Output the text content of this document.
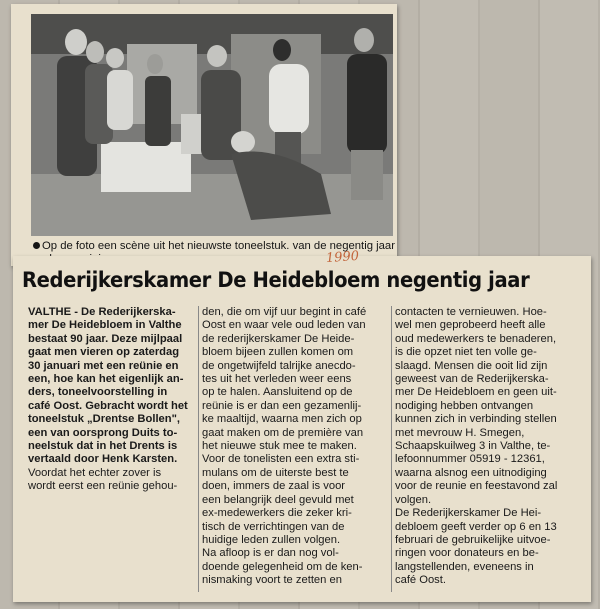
Op de foto een scène uit het nieuwste toneelstuk. van de negentig jaar
1990
Rederijkerskamer De Heidebloem negentig jaar
VALTHE - De Rederijkerska-
mer De Heidebloem in Valthe
bestaat 90 jaar. Deze mijlpaal
gaat men vieren op zaterdag
30 januari met een reünie en
een, hoe kan het eigenlijk an-
ders, toneelvoorstelling in
café Oost. Gebracht wordt het
toneelstuk „Drentse Bollen",
een van oorsprong Duits to-
neelstuk dat in het Drents is
vertaald door Henk Karsten.
Voordat het echter zover is
wordt eerst een reünie gehou-
den, die om vijf uur begint in café
Oost en waar vele oud leden van
de rederijkerskamer De Heide-
bloem bijeen zullen komen om
de ongetwijfeld talrijke anecdo-
tes uit het verleden weer eens
op te halen. Aansluitend op de
reünie is er dan een gezamenlij-
ke maaltijd, waarna men zich op
gaat maken om de première van
het nieuwe stuk mee te maken.
Voor de tonelisten een extra sti-
mulans om de uiterste best te
doen, immers de zaal is voor
een belangrijk deel gevuld met
ex-medewerkers die zeker kri-
tisch de verrichtingen van de
huidige leden zullen volgen.
Na afloop is er dan nog vol-
doende gelegenheid om de ken-
nismaking voort te zetten en
contacten te vernieuwen. Hoe-
wel men geprobeerd heeft alle
oud medewerkers te benaderen,
is die opzet niet ten volle ge-
slaagd. Mensen die ooit lid zijn
geweest van de Rederijkerska-
mer De Heidebloem en geen uit-
nodiging hebben ontvangen
kunnen zich in verbinding stellen
met mevrouw H. Smegen,
Schaapskuilweg 3 in Valthe, te-
lefoonnummer 05919 - 12361,
waarna alsnog een uitnodiging
voor de reunie en feestavond zal
volgen.
De Rederijkerskamer De Hei-
debloem geeft verder op 6 en 13
februari de gebruikelijke uitvoe-
ringen voor donateurs en be-
langstellenden, eveneens in
café Oost.
